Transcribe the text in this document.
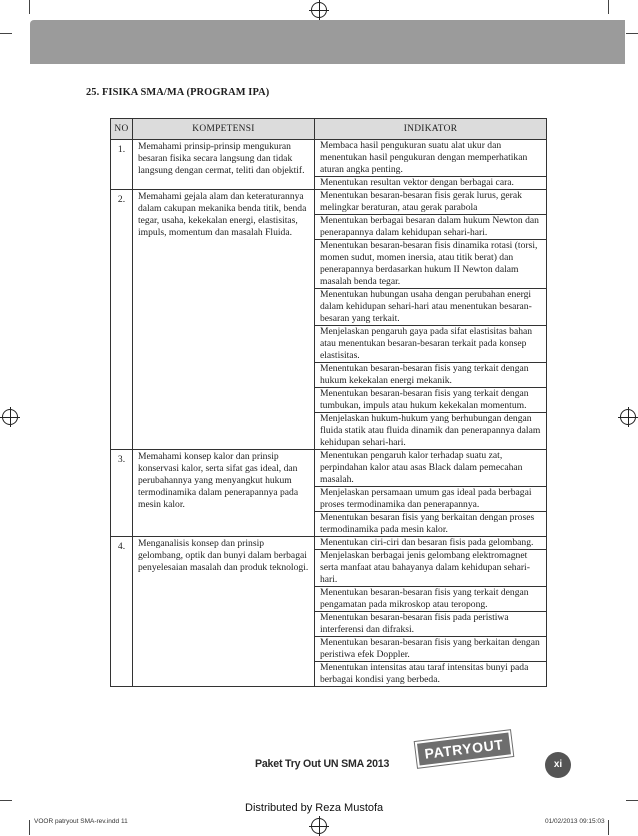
25. FISIKA SMA/MA (PROGRAM IPA)
NO	KOMPETENSI	INDIKATOR
1.	Memahami prinsip-prinsip mengukuran besaran fisika secara langsung dan tidak langsung dengan cermat, teliti dan objektif.	Membaca hasil pengukuran suatu alat ukur dan menentukan hasil pengukuran dengan memperhatikan aturan angka penting.
		Menentukan resultan vektor dengan berbagai cara.
2.	Memahami gejala alam dan keteraturannya dalam cakupan mekanika benda titik, benda tegar, usaha, kekekalan energi, elastisitas, impuls, momentum dan masalah Fluida.	Menentukan besaran-besaran fisis gerak lurus, gerak melingkar beraturan, atau gerak parabola
		Menentukan berbagai besaran dalam hukum Newton dan penerapannya dalam kehidupan sehari-hari.
		Menentukan besaran-besaran fisis dinamika rotasi (torsi, momen sudut, momen inersia, atau titik berat) dan penerapannya berdasarkan hukum II Newton dalam masalah benda tegar.
		Menentukan hubungan usaha dengan perubahan energi dalam kehidupan sehari-hari atau menentukan besaran-besaran yang terkait.
		Menjelaskan pengaruh gaya pada sifat elastisitas bahan atau menentukan besaran-besaran terkait pada konsep elastisitas.
		Menentukan besaran-besaran fisis yang terkait dengan hukum kekekalan energi mekanik.
		Menentukan besaran-besaran fisis yang terkait dengan tumbukan, impuls atau hukum kekekalan momentum.
		Menjelaskan hukum-hukum yang berhubungan dengan fluida statik atau fluida dinamik dan penerapannya dalam kehidupan sehari-hari.
3.	Memahami konsep kalor dan prinsip konservasi kalor, serta sifat gas ideal, dan perubahannya yang menyangkut hukum termodinamika dalam penerapannya pada mesin kalor.	Menentukan pengaruh kalor terhadap suatu zat, perpindahan kalor atau asas Black dalam pemecahan masalah.
		Menjelaskan persamaan umum gas ideal pada berbagai proses termodinamika dan penerapannya.
		Menentukan besaran fisis yang berkaitan dengan proses termodinamika pada mesin kalor.
4.	Menganalisis konsep dan prinsip gelombang, optik dan bunyi dalam berbagai penyelesaian masalah dan produk teknologi.	Menentukan ciri-ciri dan besaran fisis pada gelombang.
		Menjelaskan berbagai jenis gelombang elektromagnet serta manfaat atau bahayanya dalam kehidupan sehari-hari.
		Menentukan besaran-besaran fisis yang terkait dengan pengamatan pada mikroskop atau teropong.
		Menentukan besaran-besaran fisis pada peristiwa interferensi dan difraksi.
		Menentukan besaran-besaran fisis yang berkaitan dengan peristiwa efek Doppler.
		Menentukan intensitas atau taraf intensitas bunyi pada berbagai kondisi yang berbeda.
Paket Try Out UN SMA 2013
PATRYOUT
xi
Distributed by Reza Mustofa
VOOR patryout SMA-rev.indd 11	01/02/2013 09:15:03
